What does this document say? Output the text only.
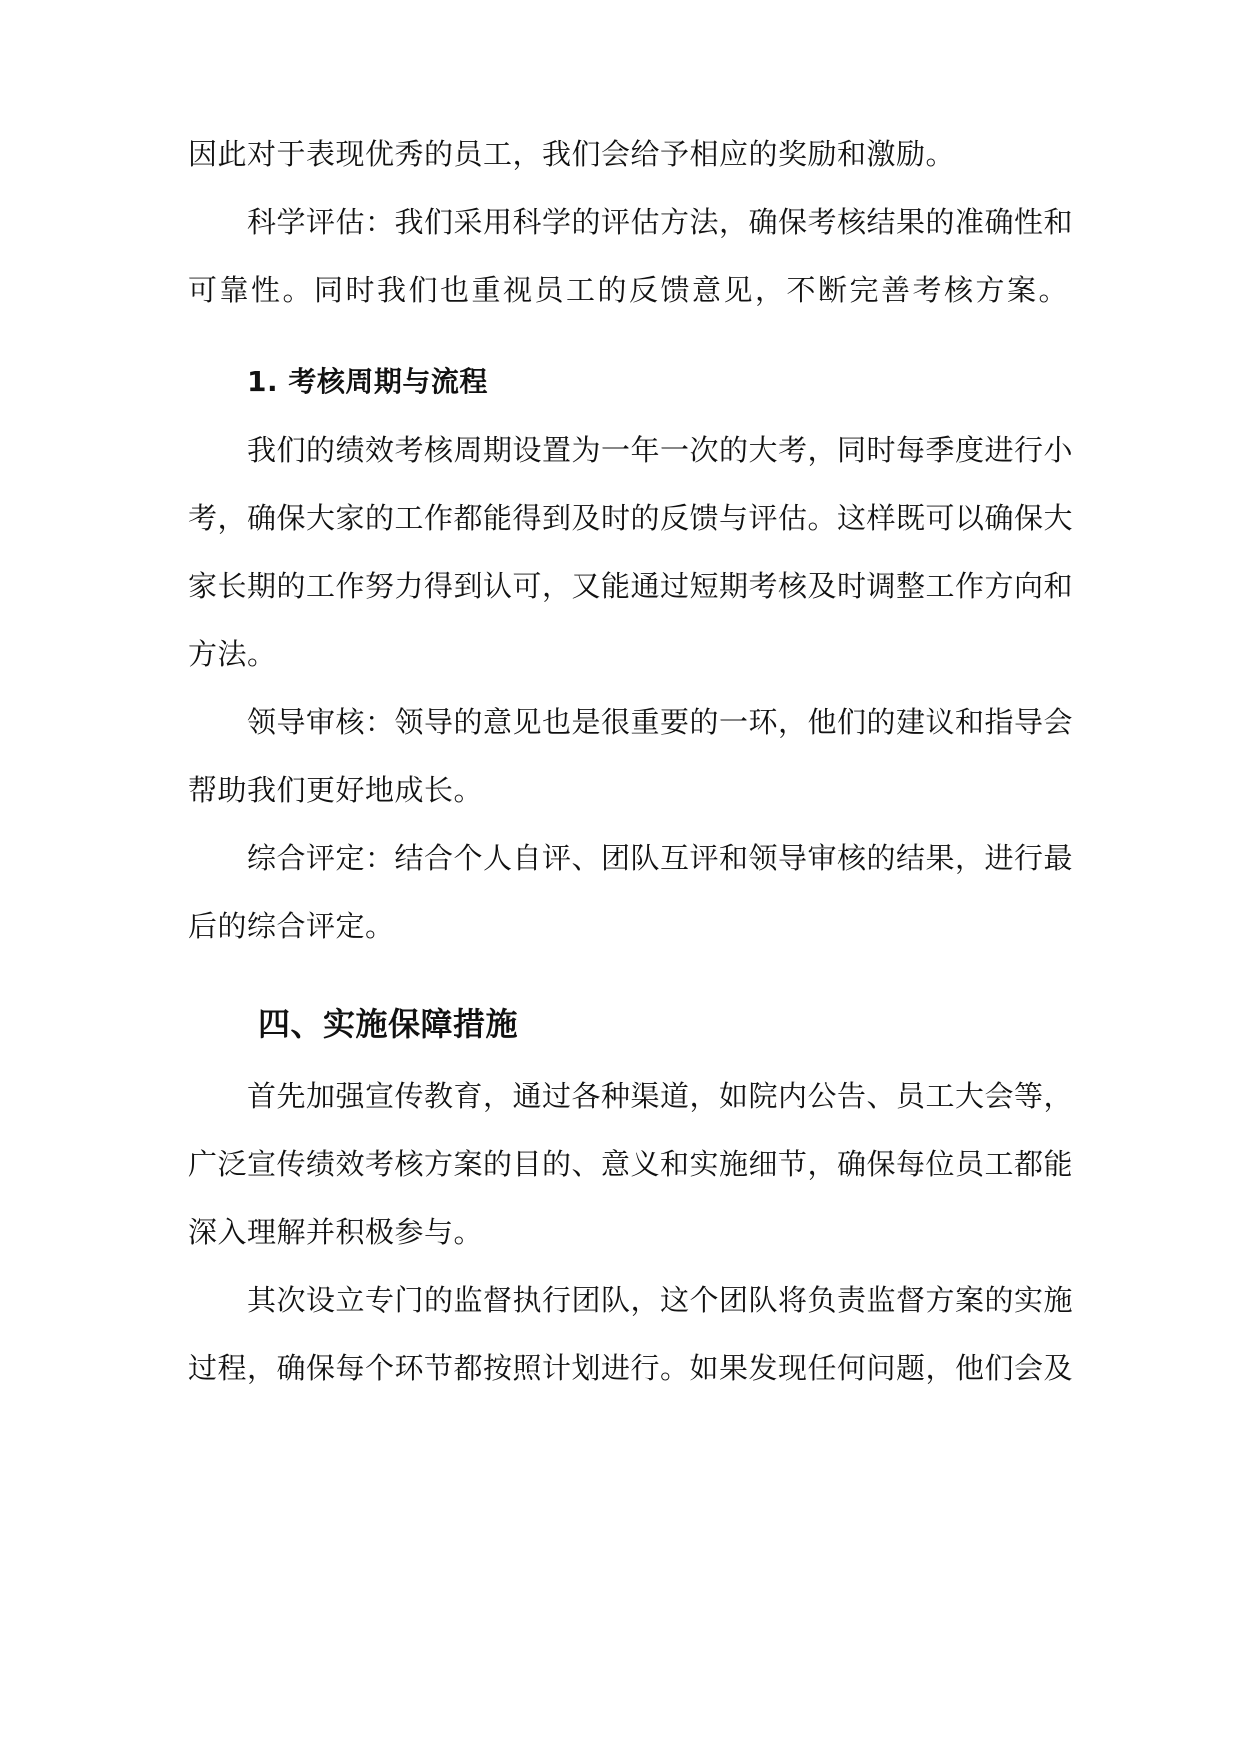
因此对于表现优秀的员工，我们会给予相应的奖励和激励。
科学评估：我们采用科学的评估方法，确保考核结果的准确性和
可靠性。同时我们也重视员工的反馈意见，不断完善考核方案。
1. 考核周期与流程
我们的绩效考核周期设置为一年一次的大考，同时每季度进行小
考，确保大家的工作都能得到及时的反馈与评估。这样既可以确保大
家长期的工作努力得到认可，又能通过短期考核及时调整工作方向和
方法。
领导审核：领导的意见也是很重要的一环，他们的建议和指导会
帮助我们更好地成长。
综合评定：结合个人自评、团队互评和领导审核的结果，进行最
后的综合评定。
四、实施保障措施
首先加强宣传教育，通过各种渠道，如院内公告、员工大会等，
广泛宣传绩效考核方案的目的、意义和实施细节，确保每位员工都能
深入理解并积极参与。
其次设立专门的监督执行团队，这个团队将负责监督方案的实施
过程，确保每个环节都按照计划进行。如果发现任何问题，他们会及
